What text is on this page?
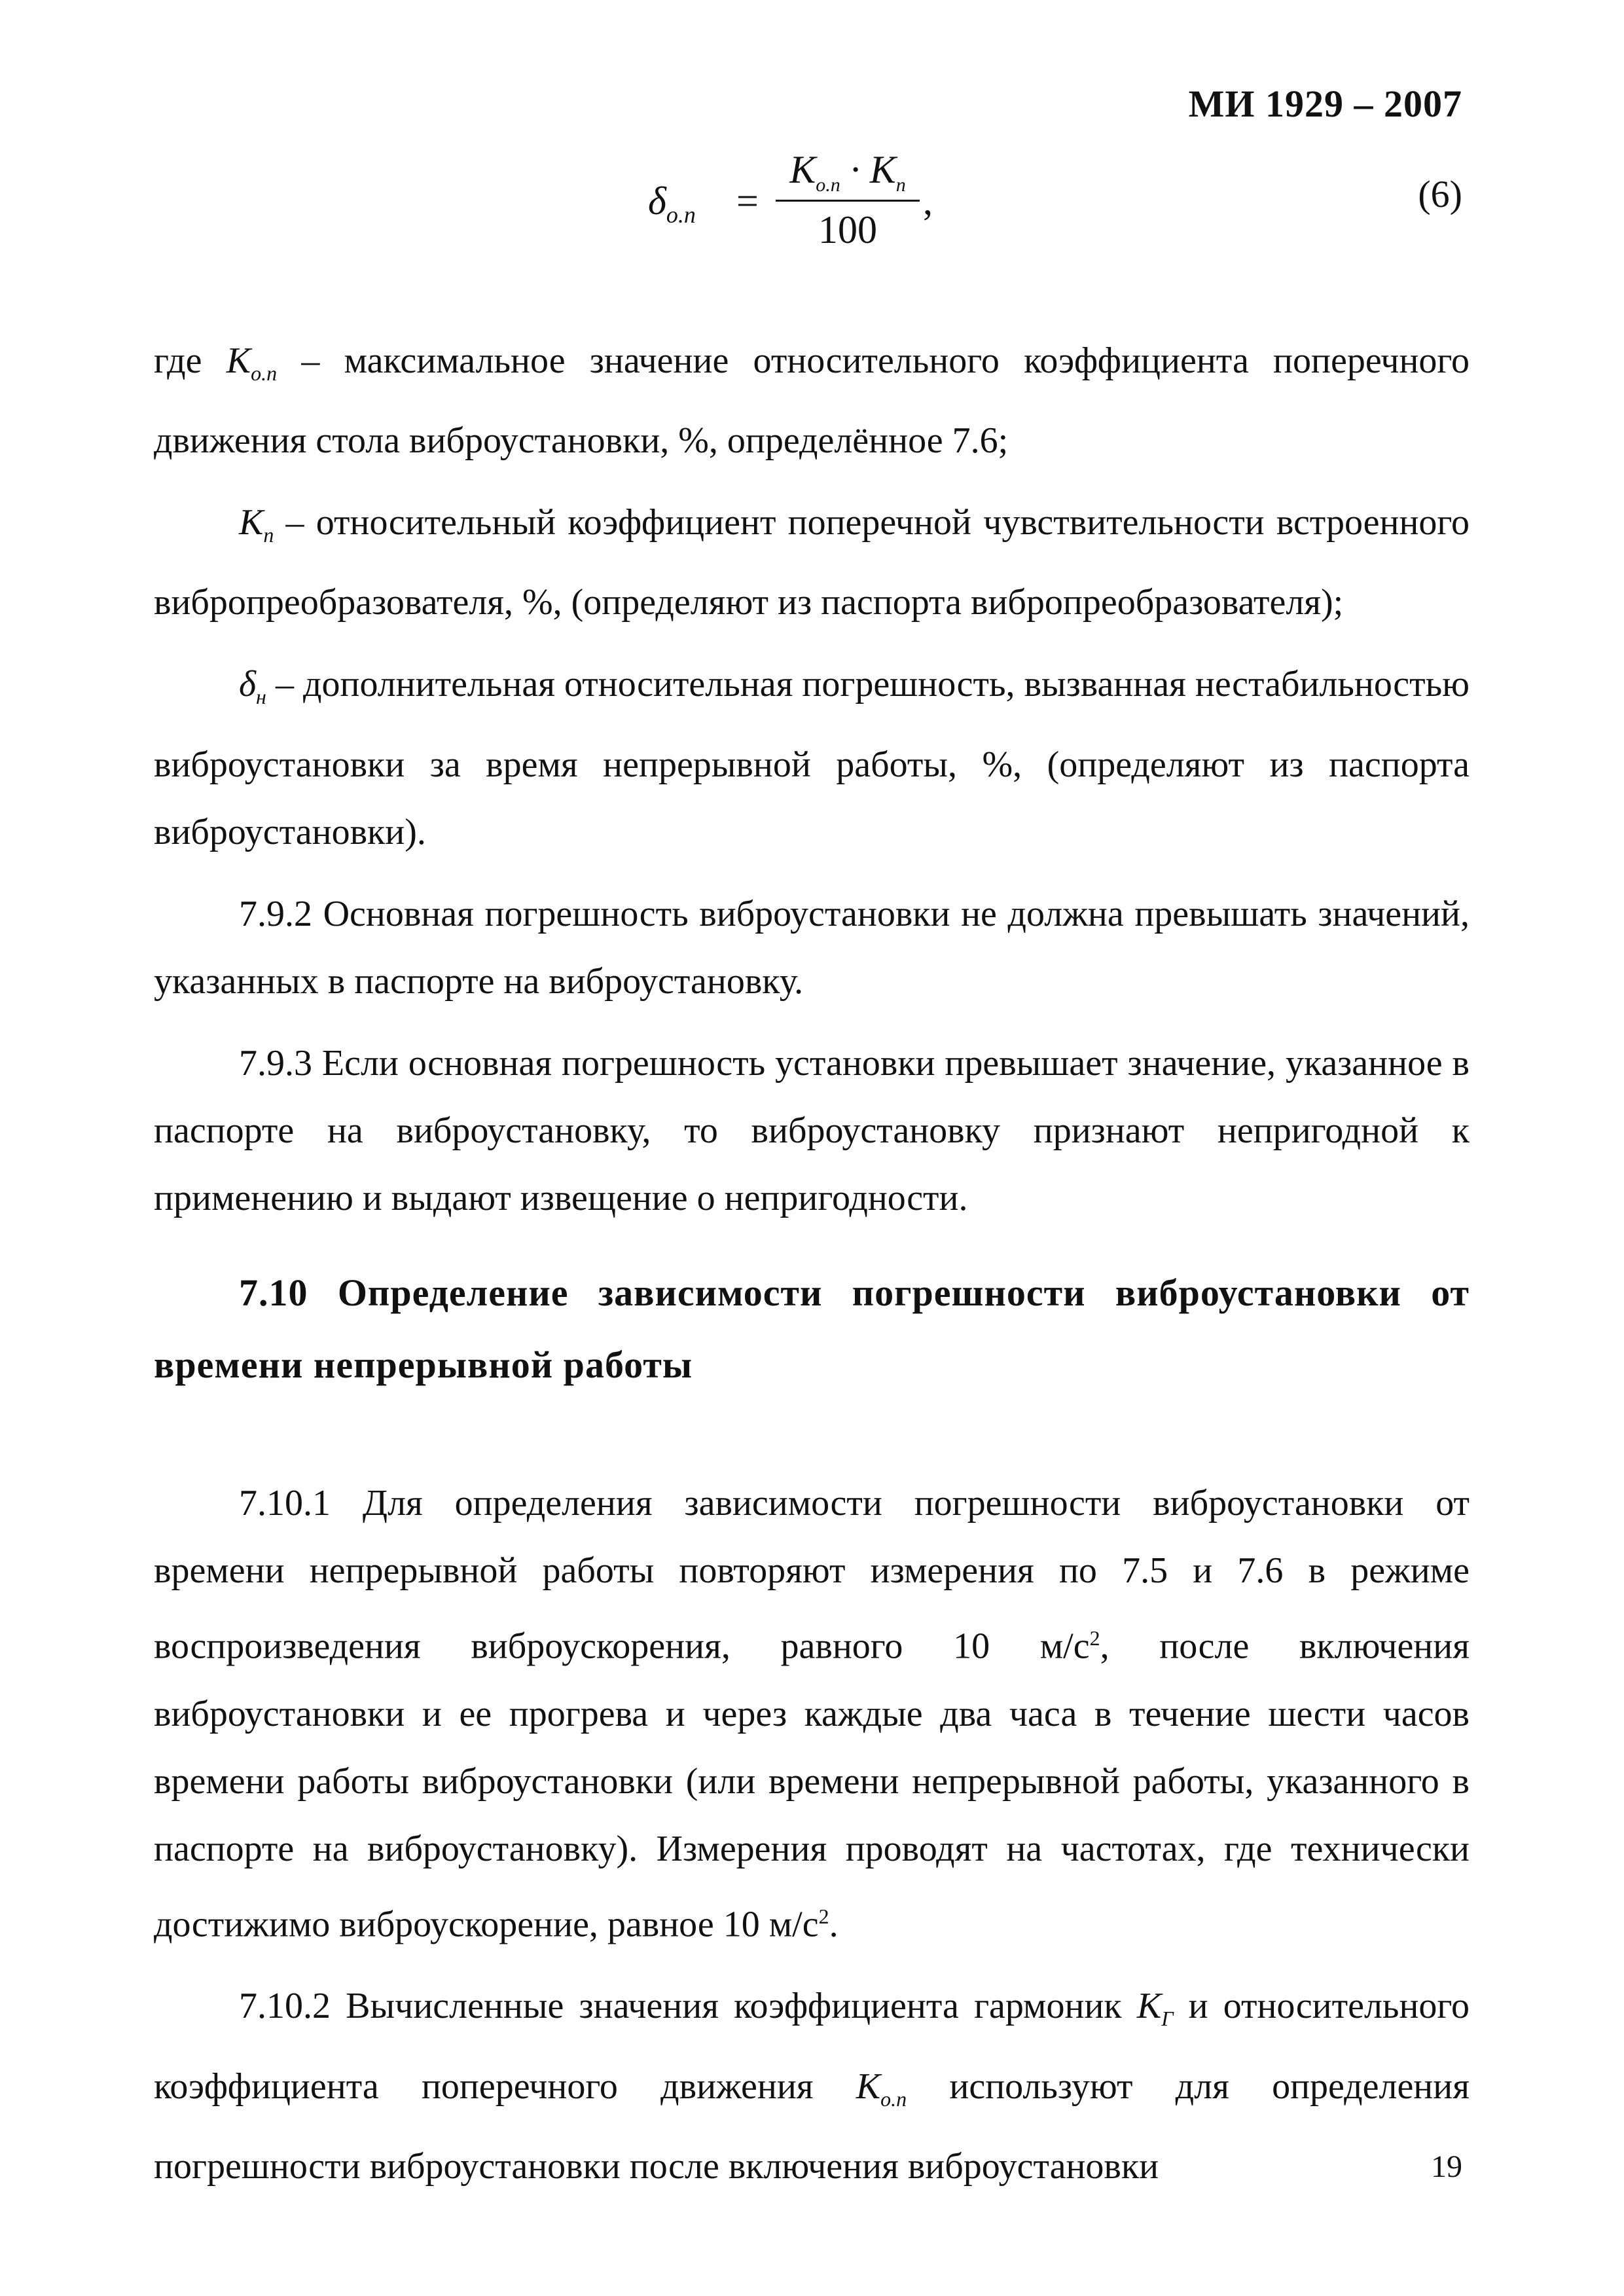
МИ 1929 – 2007
$\delta_{о.п}$ =
$K_{о.п} \cdot K_п$
100
,	(6)

где $K_{о.п}$ – максимальное значение относительного коэффициента поперечного движения стола виброустановки, %, определённое 7.6;

$K_п$ – относительный коэффициент поперечной чувствительности встроенного вибропреобразователя, %, (определяют из паспорта вибропреобразователя);

$\delta_н$ – дополнительная относительная погрешность, вызванная нестабильностью виброустановки за время непрерывной работы, %, (определяют из паспорта виброустановки).

7.9.2 Основная погрешность виброустановки не должна превышать значений, указанных в паспорте на виброустановку.

7.9.3 Если основная погрешность установки превышает значение, указанное в паспорте на виброустановку, то виброустановку признают непригодной к применению и выдают извещение о непригодности.

7.10 Определение зависимости погрешности виброустановки от времени непрерывной работы

7.10.1 Для определения зависимости погрешности виброустановки от времени непрерывной работы повторяют измерения по 7.5 и 7.6 в режиме воспроизведения виброускорения, равного 10 $м/с^2$, после включения виброустановки и ее прогрева и через каждые два часа в течение шести часов времени работы виброустановки (или времени непрерывной работы, указанного в паспорте на виброустановку). Измерения проводят на частотах, где технически достижимо виброускорение, равное 10 $м/с^2$.

7.10.2 Вычисленные значения коэффициента гармоник $K_Г$ и относительного коэффициента поперечного движения $K_{о.п}$ используют для определения погрешности виброустановки после включения виброустановки	19
